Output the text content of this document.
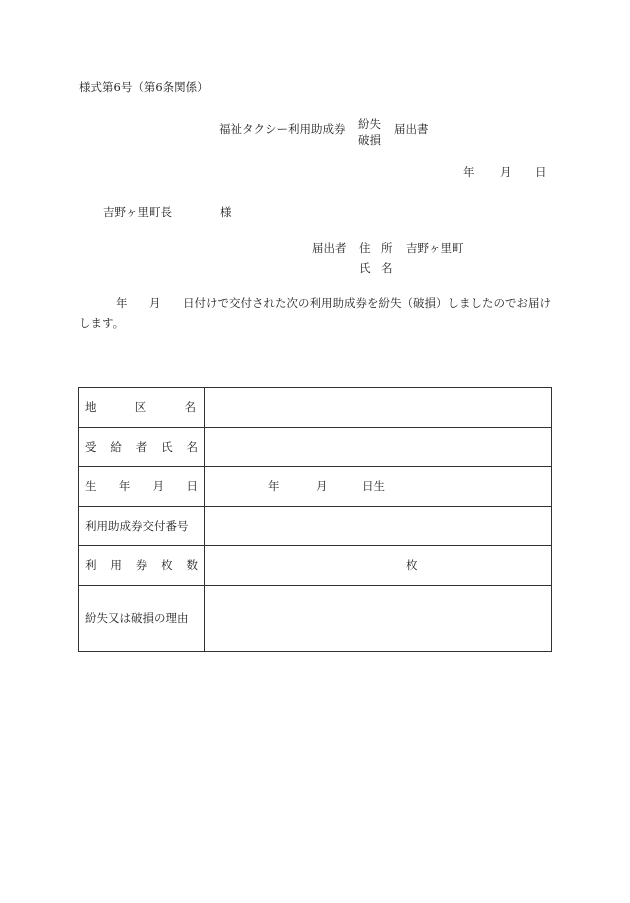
様式第6号（第6条関係）
福祉タクシー利用助成券 紛失
破損
届出書
年 月 日
吉野ヶ里町長	様
届出者 住 所 吉野ヶ里町
氏 名
年 月 日付けで交付された次の利用助成券を紛失（破損）しましたのでお届け
します。
地 区 名	

受 給 者 氏 名	

生 年 月 日	年 月 日生

利用助成券交付番号	

利 用 券 枚 数	枚

紛失又は破損の理由	
